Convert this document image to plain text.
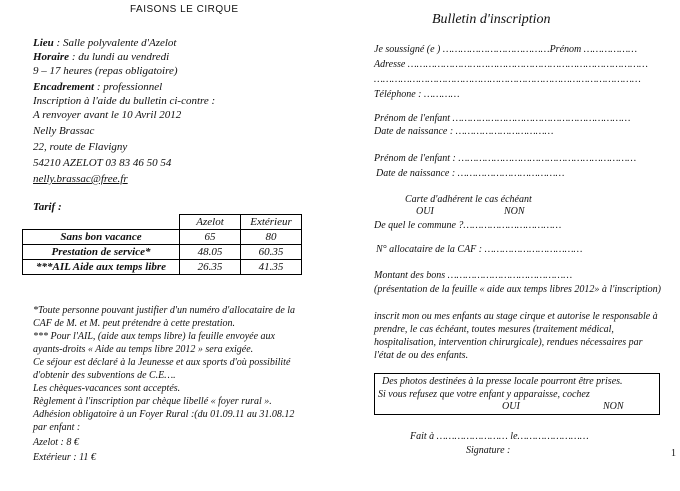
FAISONS LE CIRQUE
Lieu : Salle polyvalente d'Azelot
Horaire : du lundi au vendredi
9 – 17 heures (repas obligatoire)
Encadrement : professionnel
Inscription à l'aide du bulletin ci-contre :
A renvoyer avant le 10 Avril 2012
Nelly Brassac
22, route de Flavigny
54210 AZELOT 03 83 46 50 54
nelly.brassac@free.fr
Tarif :
	Azelot	Extérieur
Sans bon vacance	65	80
Prestation de service*	48.05	60.35
***AIL Aide aux temps libre	26.35	41.35
*Toute personne pouvant justifier d'un numéro d'allocataire de la
CAF de M. et M. peut prétendre à cette prestation.
*** Pour l'AIL, (aide aux temps libre) la feuille envoyée aux
ayants-droits « Aide au temps libre 2012 » sera exigée.
Ce séjour est déclaré à la Jeunesse et aux sports d'où possibilité
d'obtenir des subventions de C.E….
Les chèques-vacances sont acceptés.
Règlement à l'inscription par chèque libellé « foyer rural ».
Adhésion obligatoire à un Foyer Rural :(du 01.09.11 au 31.08.12
par enfant :
Azelot : 8 €
Extérieur : 11 €
Bulletin d'inscription
Je soussigné (e ) ………………………………Prénom ………………
Adresse ………………………………………………………………………
………………………………………………………………………………
Téléphone : …………
Prénom de l'enfant ……………………………………………………
Date de naissance : ……………………………
Prénom de l'enfant : ……………………………………………………
Date de naissance : ………………………………
Carte d'adhérent le cas échéant
OUI	NON
De quel le commune ?……………………………
N° allocataire de la CAF : ……………………………
Montant des bons ……………………………………
(présentation de la feuille « aide aux temps libres 2012» à l'inscription)
inscrit mon ou mes enfants au stage cirque et autorise le responsable à
prendre, le cas échéant, toutes mesures (traitement médical,
hospitalisation, intervention chirurgicale), rendues nécessaires par
l'état de ou des enfants.
Des photos destinées à la presse locale pourront être prises.
Si vous refusez que votre enfant y apparaisse, cochez
OUI	NON
Fait à …………………… le……………………
Signature :	1
